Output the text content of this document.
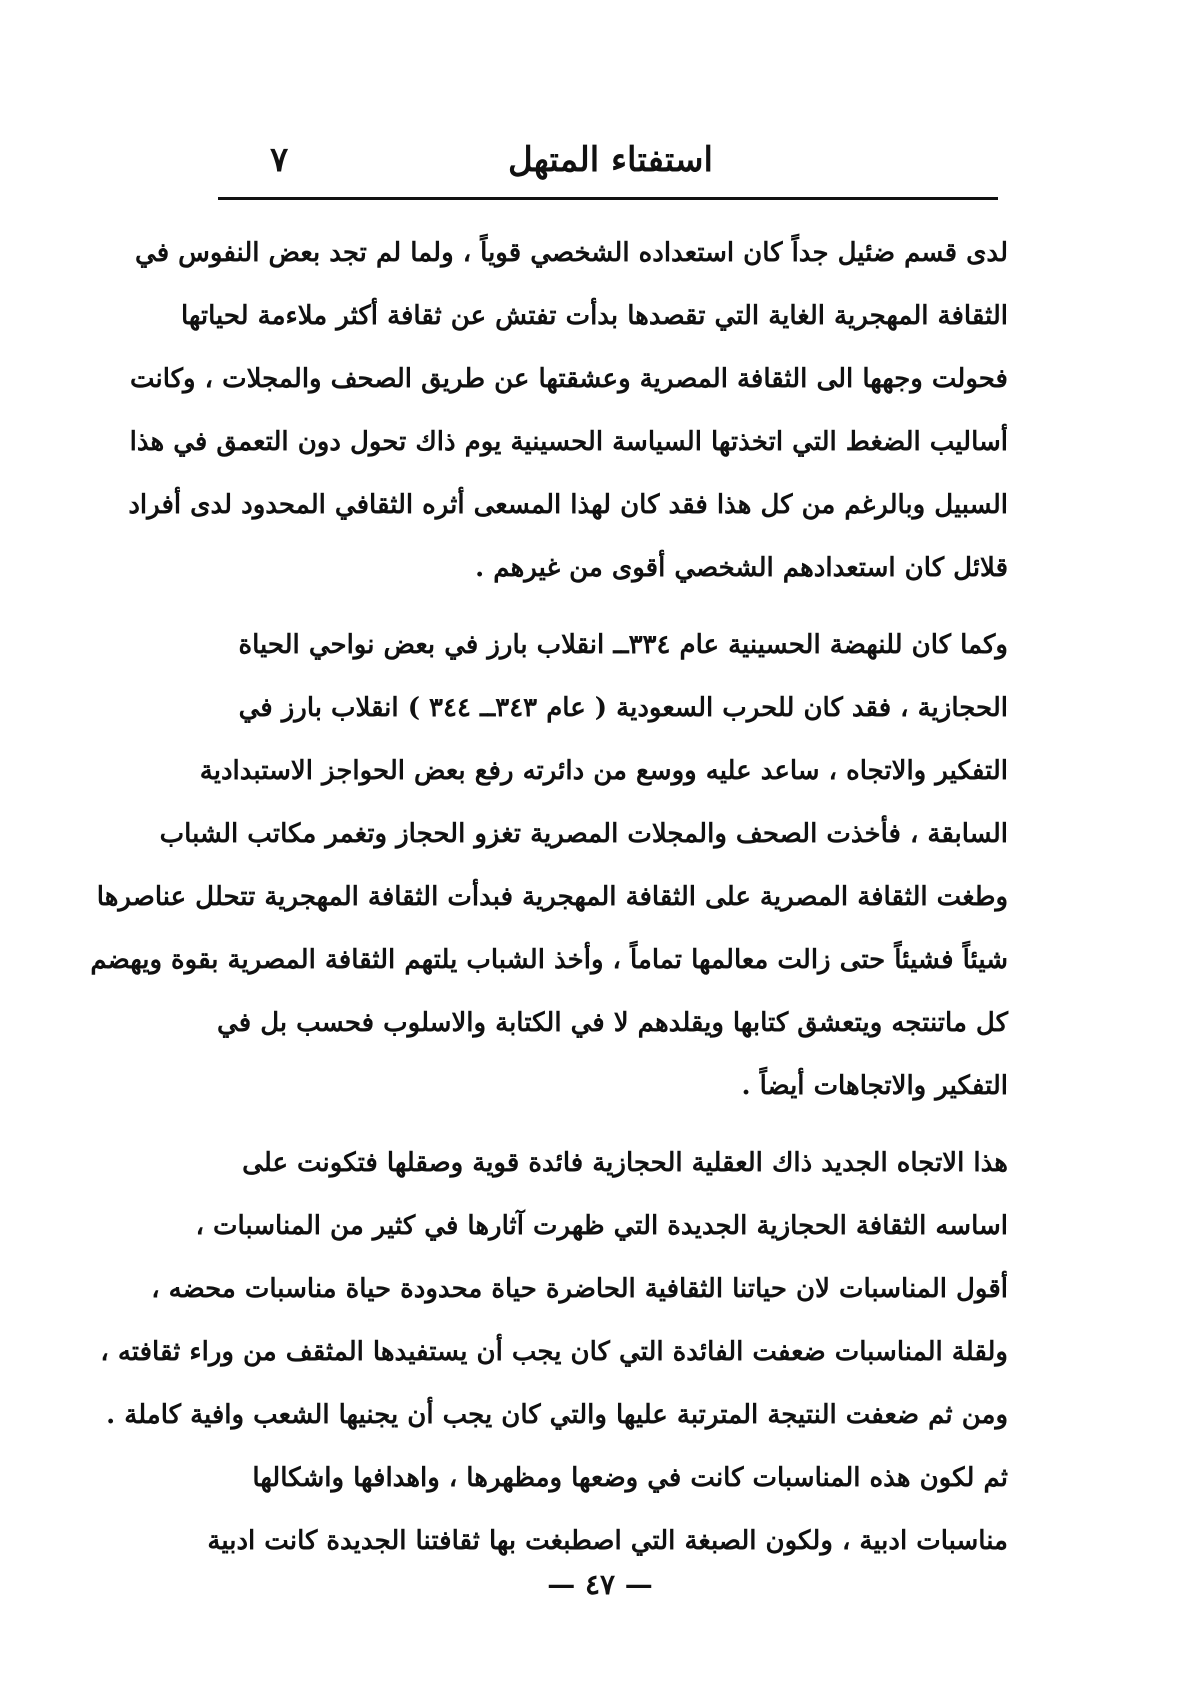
استفتاء المتهل
٧
لدى قسم ضئيل جداً كان استعداده الشخصي قوياً ، ولما لم تجد بعض النفوس في
الثقافة المهجرية الغاية التي تقصدها بدأت تفتش عن ثقافة أكثر ملاءمة لحياتها
فحولت وجهها الى الثقافة المصرية وعشقتها عن طريق الصحف والمجلات ، وكانت
أساليب الضغط التي اتخذتها السياسة الحسينية يوم ذاك تحول دون التعمق في هذا
السبيل وبالرغم من كل هذا فقد كان لهذا المسعى أثره الثقافي المحدود لدى أفراد
قلائل كان استعدادهم الشخصي أقوى من غيرهم .
وكما كان للنهضة الحسينية عام ٣٣٤ــ انقلاب بارز في بعض نواحي الحياة
الحجازية ، فقد كان للحرب السعودية ( عام ٣٤٣ــ ٣٤٤ ) انقلاب بارز في
التفكير والاتجاه ، ساعد عليه ووسع من دائرته رفع بعض الحواجز الاستبدادية
السابقة ، فأخذت الصحف والمجلات المصرية تغزو الحجاز وتغمر مكاتب الشباب
وطغت الثقافة المصرية على الثقافة المهجرية فبدأت الثقافة المهجرية تتحلل عناصرها
شيئاً فشيئاً حتى زالت معالمها تماماً ، وأخذ الشباب يلتهم الثقافة المصرية بقوة ويهضم
كل ماتنتجه ويتعشق كتابها ويقلدهم لا في الكتابة والاسلوب فحسب بل في
التفكير والاتجاهات أيضاً .
هذا الاتجاه الجديد ذاك العقلية الحجازية فائدة قوية وصقلها فتكونت على
اساسه الثقافة الحجازية الجديدة التي ظهرت آثارها في كثير من المناسبات ،
أقول المناسبات لان حياتنا الثقافية الحاضرة حياة محدودة حياة مناسبات محضه ،
ولقلة المناسبات ضعفت الفائدة التي كان يجب أن يستفيدها المثقف من وراء ثقافته ،
ومن ثم ضعفت النتيجة المترتبة عليها والتي كان يجب أن يجنيها الشعب وافية كاملة .
ثم لكون هذه المناسبات كانت في وضعها ومظهرها ، واهدافها واشكالها
مناسبات ادبية ، ولكون الصبغة التي اصطبغت بها ثقافتنا الجديدة كانت ادبية
— ٤٧ —
